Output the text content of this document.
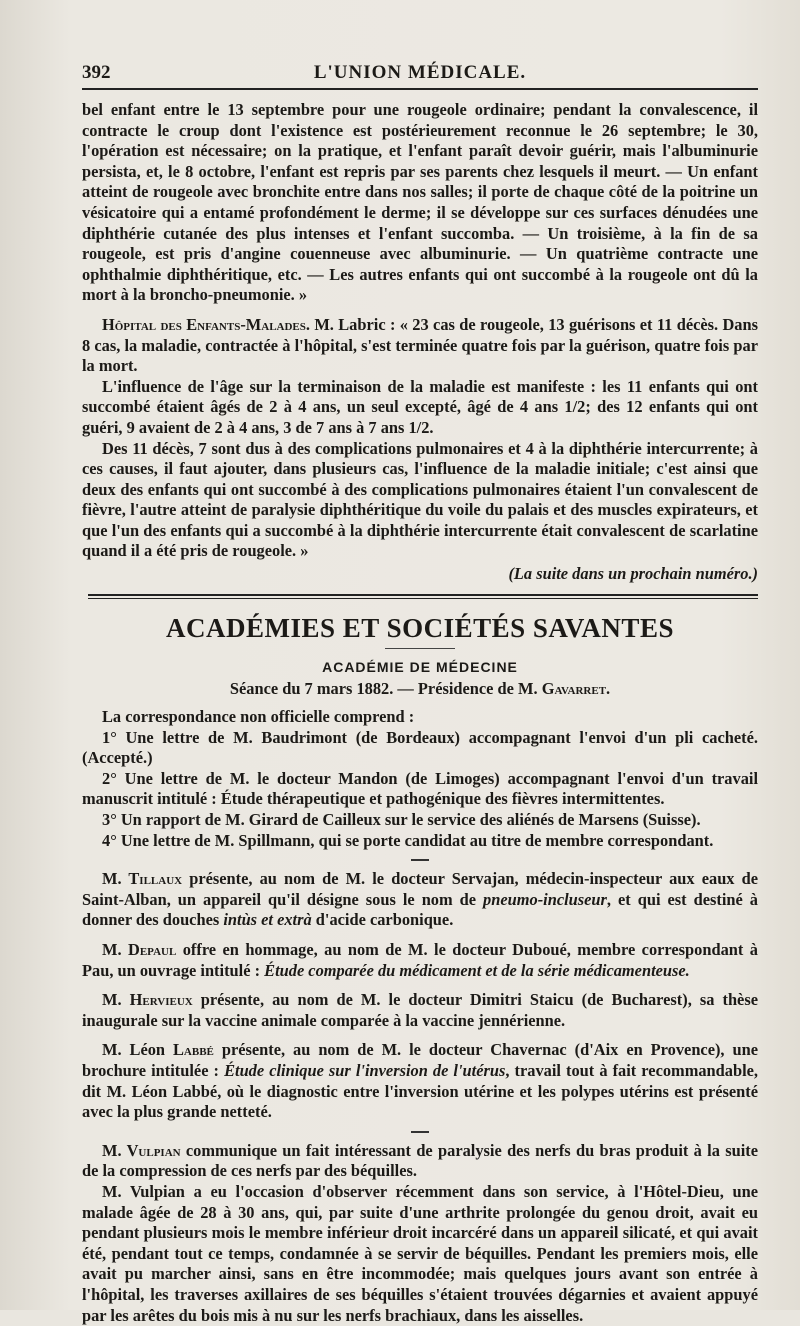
392	L'UNION MÉDICALE.

bel enfant entre le 13 septembre pour une rougeole ordinaire; pendant la convalescence, il contracte le croup dont l'existence est postérieurement reconnue le 26 septembre; le 30, l'opération est nécessaire; on la pratique, et l'enfant paraît devoir guérir, mais l'albuminurie persista, et, le 8 octobre, l'enfant est repris par ses parents chez lesquels il meurt. — Un enfant atteint de rougeole avec bronchite entre dans nos salles; il porte de chaque côté de la poitrine un vésicatoire qui a entamé profondément le derme; il se développe sur ces surfaces dénudées une diphthérie cutanée des plus intenses et l'enfant succomba. — Un troisième, à la fin de sa rougeole, est pris d'angine couenneuse avec albuminurie. — Un quatrième contracte une ophthalmie diphthéritique, etc. — Les autres enfants qui ont succombé à la rougeole ont dû la mort à la broncho-pneumonie. »

Hôpital des Enfants-Malades. M. Labric : « 23 cas de rougeole, 13 guérisons et 11 décès. Dans 8 cas, la maladie, contractée à l'hôpital, s'est terminée quatre fois par la guérison, quatre fois par la mort.

L'influence de l'âge sur la terminaison de la maladie est manifeste : les 11 enfants qui ont succombé étaient âgés de 2 à 4 ans, un seul excepté, âgé de 4 ans 1/2; des 12 enfants qui ont guéri, 9 avaient de 2 à 4 ans, 3 de 7 ans à 7 ans 1/2.

Des 11 décès, 7 sont dus à des complications pulmonaires et 4 à la diphthérie intercurrente; à ces causes, il faut ajouter, dans plusieurs cas, l'influence de la maladie initiale; c'est ainsi que deux des enfants qui ont succombé à des complications pulmonaires étaient l'un convalescent de fièvre, l'autre atteint de paralysie diphthéritique du voile du palais et des muscles expirateurs, et que l'un des enfants qui a succombé à la diphthérie intercurrente était convalescent de scarlatine quand il a été pris de rougeole. »

(La suite dans un prochain numéro.)
ACADÉMIES ET SOCIÉTÉS SAVANTES
ACADÉMIE DE MÉDECINE
Séance du 7 mars 1882. — Présidence de M. Gavarret.

La correspondance non officielle comprend :

1° Une lettre de M. Baudrimont (de Bordeaux) accompagnant l'envoi d'un pli cacheté. (Accepté.)

2° Une lettre de M. le docteur Mandon (de Limoges) accompagnant l'envoi d'un travail manuscrit intitulé : Étude thérapeutique et pathogénique des fièvres intermittentes.

3° Un rapport de M. Girard de Cailleux sur le service des aliénés de Marsens (Suisse).

4° Une lettre de M. Spillmann, qui se porte candidat au titre de membre correspondant.

M. Tillaux présente, au nom de M. le docteur Servajan, médecin-inspecteur aux eaux de Saint-Alban, un appareil qu'il désigne sous le nom de pneumo-incluseur, et qui est destiné à donner des douches intùs et extrà d'acide carbonique.

M. Depaul offre en hommage, au nom de M. le docteur Duboué, membre correspondant à Pau, un ouvrage intitulé : Étude comparée du médicament et de la série médicamenteuse.

M. Hervieux présente, au nom de M. le docteur Dimitri Staicu (de Bucharest), sa thèse inaugurale sur la vaccine animale comparée à la vaccine jennérienne.

M. Léon Labbé présente, au nom de M. le docteur Chavernac (d'Aix en Provence), une brochure intitulée : Étude clinique sur l'inversion de l'utérus, travail tout à fait recommandable, dit M. Léon Labbé, où le diagnostic entre l'inversion utérine et les polypes utérins est présenté avec la plus grande netteté.

M. Vulpian communique un fait intéressant de paralysie des nerfs du bras produit à la suite de la compression de ces nerfs par des béquilles.

M. Vulpian a eu l'occasion d'observer récemment dans son service, à l'Hôtel-Dieu, une malade âgée de 28 à 30 ans, qui, par suite d'une arthrite prolongée du genou droit, avait eu pendant plusieurs mois le membre inférieur droit incarcéré dans un appareil silicaté, et qui avait été, pendant tout ce temps, condamnée à se servir de béquilles. Pendant les premiers mois, elle avait pu marcher ainsi, sans en être incommodée; mais quelques jours avant son entrée à l'hôpital, les traverses axillaires de ses béquilles s'étaient trouvées dégarnies et avaient appuyé par les arêtes du bois mis à nu sur les nerfs brachiaux, dans les aisselles.
